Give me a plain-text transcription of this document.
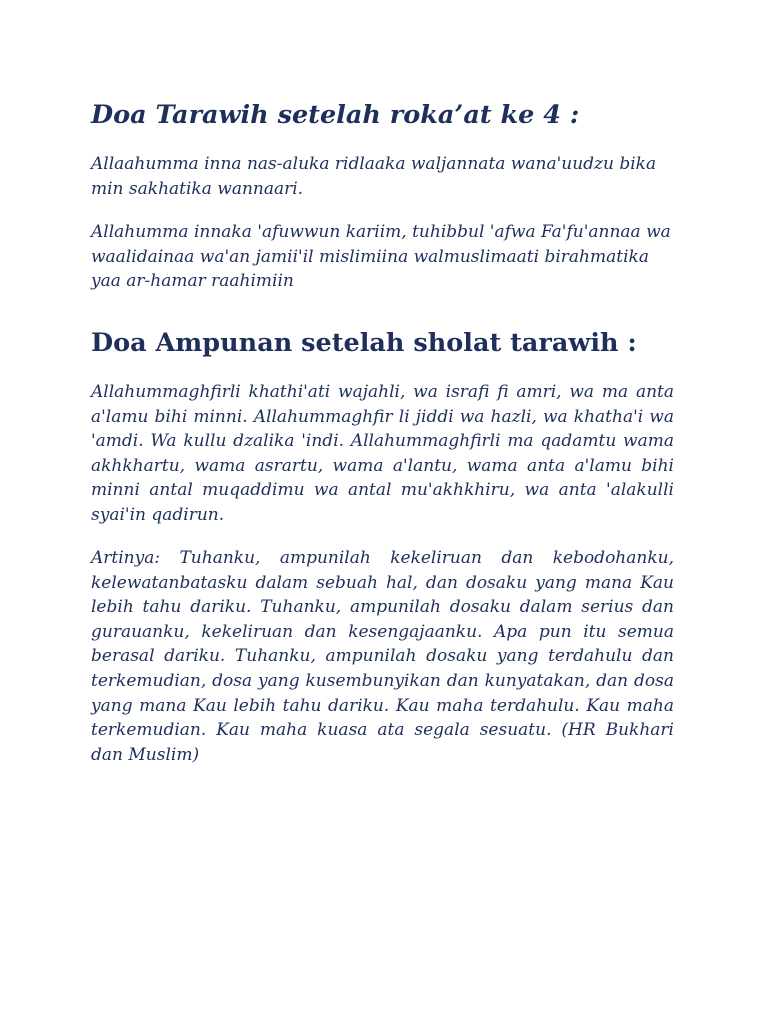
Doa Tarawih setelah roka’at ke 4 :

Allaahumma inna nas-aluka ridlaaka waljannata wana'uudzu bika min sakhatika wannaari.

Allahumma innaka 'afuwwun kariim, tuhibbul 'afwa Fa'fu'annaa wa waalidainaa wa'an jamii'il mislimiina walmuslimaati birahmatika yaa ar-hamar raahimiin

Doa Ampunan setelah sholat tarawih :

Allahummaghfirli khathi'ati wajahli, wa israfi fi amri, wa ma anta a'lamu bihi minni. Allahummaghfir li jiddi wa hazli, wa khatha'i wa 'amdi. Wa kullu dzalika 'indi. Allahummaghfirli ma qadamtu wama akhkhartu, wama asrartu, wama a'lantu, wama anta a'lamu bihi minni antal muqaddimu wa antal mu'akhkhiru, wa anta 'alakulli syai'in qadirun.

Artinya: Tuhanku, ampunilah kekeliruan dan kebodohanku, kelewatanbatasku dalam sebuah hal, dan dosaku yang mana Kau lebih tahu dariku. Tuhanku, ampunilah dosaku dalam serius dan gurauanku, kekeliruan dan kesengajaanku. Apa pun itu semua berasal dariku. Tuhanku, ampunilah dosaku yang terdahulu dan terkemudian, dosa yang kusembunyikan dan kunyatakan, dan dosa yang mana Kau lebih tahu dariku. Kau maha terdahulu. Kau maha terkemudian. Kau maha kuasa ata segala sesuatu. (HR Bukhari dan Muslim)
